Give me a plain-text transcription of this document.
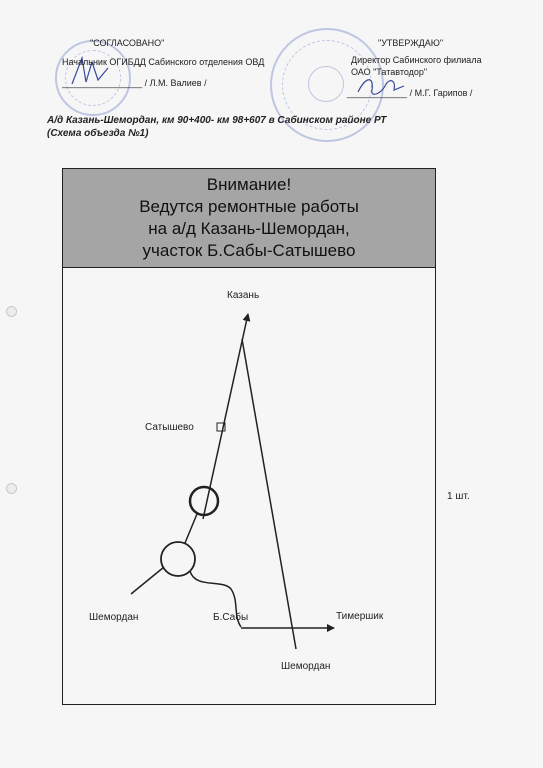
"СОГЛАСОВАНО"
Начальник ОГИБДД Сабинского отделения ОВД
________________ / Л.М. Валиев /
"УТВЕРЖДАЮ"
Директор Сабинского филиала
ОАО "Татавтодор"
____________ / М.Г. Гарипов /
А/д Казань-Шемордан, км 90+400- км 98+607 в Сабинском районе РТ
(Схема объезда №1)
1 шт.
Внимание!
Ведутся ремонтные работы
на а/д Казань-Шемордан,
участок Б.Сабы-Сатышево
Казань
Сатышево
Шемордан	Б.Сабы	Тимершик
Шемордан
